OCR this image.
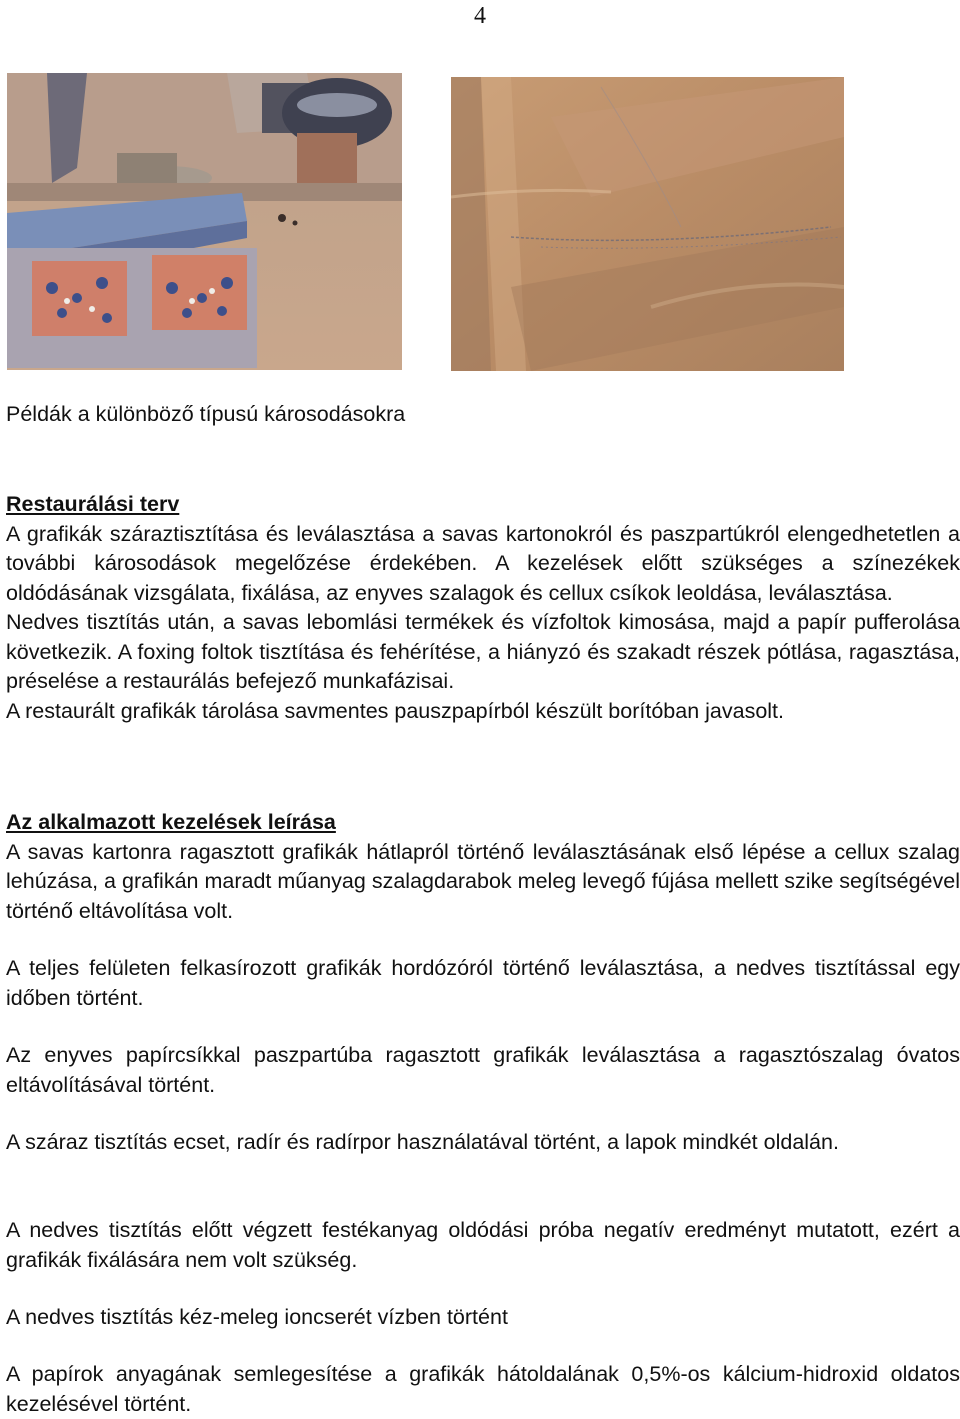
4
Példák a különböző típusú károsodásokra

Restaurálási terv

A grafikák száraztisztítása és leválasztása a savas kartonokról és paszpartúkról elengedhetetlen a további károsodások megelőzése érdekében. A kezelések előtt szükséges a színezékek oldódásának vizsgálata, fixálása, az enyves szalagok és cellux csíkok leoldása, leválasztása.

Nedves tisztítás után, a savas lebomlási termékek és vízfoltok kimosása, majd a papír pufferolása következik. A foxing foltok tisztítása és fehérítése, a hiányzó és szakadt részek pótlása, ragasztása, préselése a restaurálás befejező munkafázisai.

A restaurált grafikák tárolása savmentes pauszpapírból készült borítóban javasolt.

Az alkalmazott kezelések leírása

A savas kartonra ragasztott grafikák hátlapról történő leválasztásának első lépése a cellux szalag lehúzása, a grafikán maradt műanyag szalagdarabok meleg levegő fújása mellett szike segítségével történő eltávolítása volt.

A teljes felületen felkasírozott grafikák hordózóról történő leválasztása, a nedves tisztítással egy időben történt.
Az enyves papírcsíkkal paszpartúba ragasztott grafikák leválasztása a ragasztószalag óvatos eltávolításával történt.
A száraz tisztítás ecset, radír és radírpor használatával történt, a lapok mindkét oldalán.
A nedves tisztítás előtt végzett festékanyag oldódási próba negatív eredményt mutatott, ezért a grafikák fixálására nem volt szükség.
A nedves tisztítás kéz-meleg ioncserét vízben történt
A papírok anyagának semlegesítése a grafikák hátoldalának 0,5%-os kálcium-hidroxid oldatos kezelésével történt.
